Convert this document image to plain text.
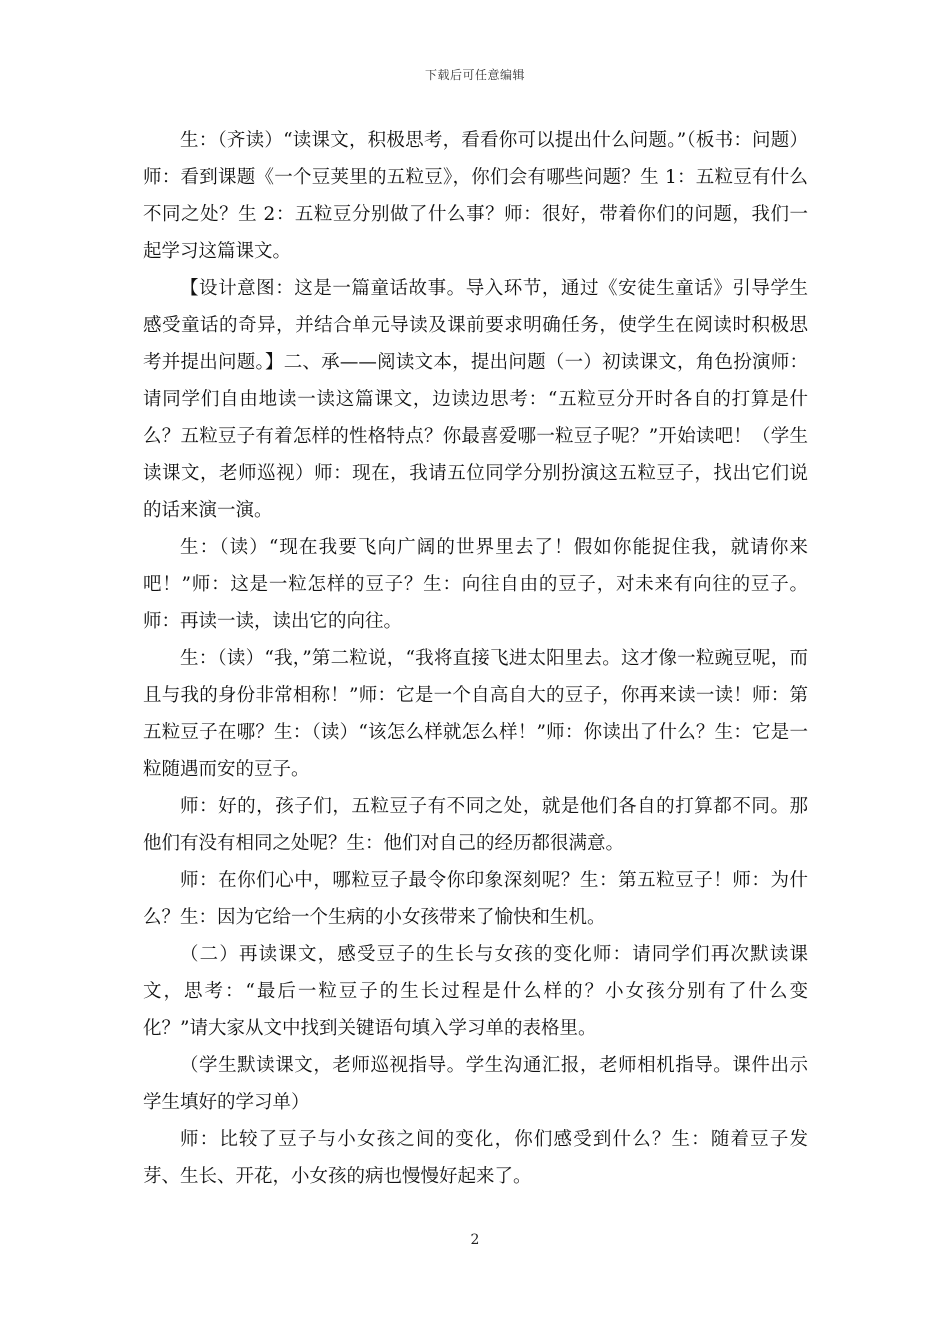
下载后可任意编辑

生：（齐读）“读课文，积极思考，看看你可以提出什么问题。”（板书：问题）师：看到课题《一个豆荚里的五粒豆》，你们会有哪些问题？生 1：五粒豆有什么不同之处？生 2：五粒豆分别做了什么事？师：很好，带着你们的问题，我们一起学习这篇课文。

【设计意图：这是一篇童话故事。导入环节，通过《安徒生童话》引导学生感受童话的奇异，并结合单元导读及课前要求明确任务，使学生在阅读时积极思考并提出问题。】二、承——阅读文本，提出问题（一）初读课文，角色扮演师：请同学们自由地读一读这篇课文，边读边思考：“五粒豆分开时各自的打算是什么？五粒豆子有着怎样的性格特点？你最喜爱哪一粒豆子呢？”开始读吧！（学生读课文，老师巡视）师：现在，我请五位同学分别扮演这五粒豆子，找出它们说的话来演一演。

生：（读）“现在我要飞向广阔的世界里去了！假如你能捉住我，就请你来吧！”师：这是一粒怎样的豆子？生：向往自由的豆子，对未来有向往的豆子。师：再读一读，读出它的向往。

生：（读）“我，”第二粒说，“我将直接飞进太阳里去。这才像一粒豌豆呢，而且与我的身份非常相称！”师：它是一个自高自大的豆子，你再来读一读！师：第五粒豆子在哪？生：（读）“该怎么样就怎么样！”师：你读出了什么？生：它是一粒随遇而安的豆子。

师：好的，孩子们，五粒豆子有不同之处，就是他们各自的打算都不同。那他们有没有相同之处呢？生：他们对自己的经历都很满意。

师：在你们心中，哪粒豆子最令你印象深刻呢？生：第五粒豆子！师：为什么？生：因为它给一个生病的小女孩带来了愉快和生机。

（二）再读课文，感受豆子的生长与女孩的变化师：请同学们再次默读课文，思考：“最后一粒豆子的生长过程是什么样的？小女孩分别有了什么变化？”请大家从文中找到关键语句填入学习单的表格里。

（学生默读课文，老师巡视指导。学生沟通汇报，老师相机指导。课件出示学生填好的学习单）

师：比较了豆子与小女孩之间的变化，你们感受到什么？生：随着豆子发芽、生长、开花，小女孩的病也慢慢好起来了。

2
